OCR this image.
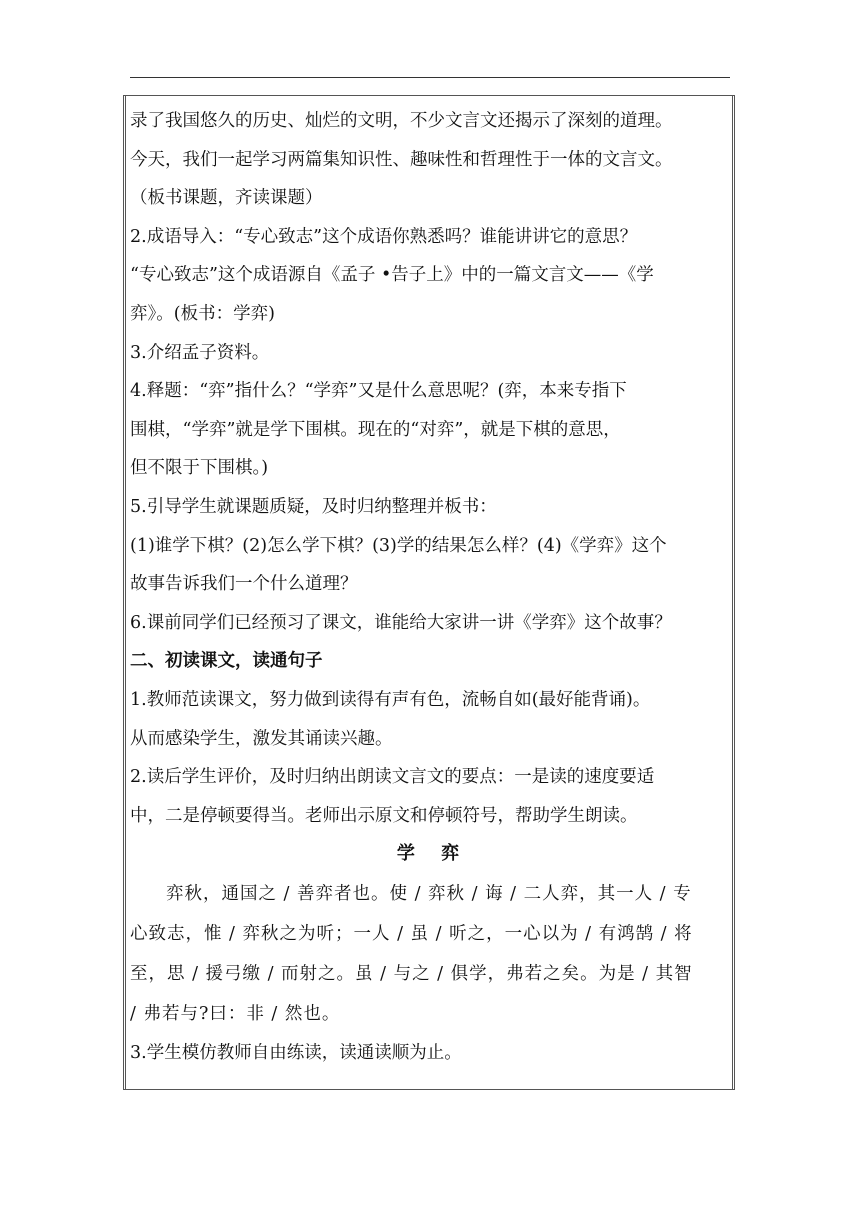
录了我国悠久的历史、灿烂的文明，不少文言文还揭示了深刻的道理。

今天，我们一起学习两篇集知识性、趣味性和哲理性于一体的文言文。

（板书课题，齐读课题）

2.成语导入：“专心致志”这个成语你熟悉吗？谁能讲讲它的意思？

“专心致志”这个成语源自《孟子 •告子上》中的一篇文言文——《学

弈》。(板书：学弈)

3.介绍孟子资料。

4.释题：“弈”指什么？“学弈”又是什么意思呢？(弈，本来专指下

围棋，“学弈”就是学下围棋。现在的“对弈”，就是下棋的意思，

但不限于下围棋。)

5.引导学生就课题质疑，及时归纳整理并板书：

(1)谁学下棋？(2)怎么学下棋？(3)学的结果怎么样？(4)《学弈》这个

故事告诉我们一个什么道理？

6.课前同学们已经预习了课文，谁能给大家讲一讲《学弈》这个故事？

二、初读课文，读通句子

1.教师范读课文，努力做到读得有声有色，流畅自如(最好能背诵)。

从而感染学生，激发其诵读兴趣。

2.读后学生评价，及时归纳出朗读文言文的要点：一是读的速度要适

中，二是停顿要得当。老师出示原文和停顿符号，帮助学生朗读。

学 弈

弈秋，通国之 / 善弈者也。使 / 弈秋 / 诲 / 二人弈，其一人 / 专

心致志，惟 / 弈秋之为听；一人 / 虽 / 听之，一心以为 / 有鸿鹄 / 将

至，思 / 援弓缴 / 而射之。虽 / 与之 / 俱学，弗若之矣。为是 / 其智

/ 弗若与?曰：非 / 然也。

3.学生模仿教师自由练读，读通读顺为止。
